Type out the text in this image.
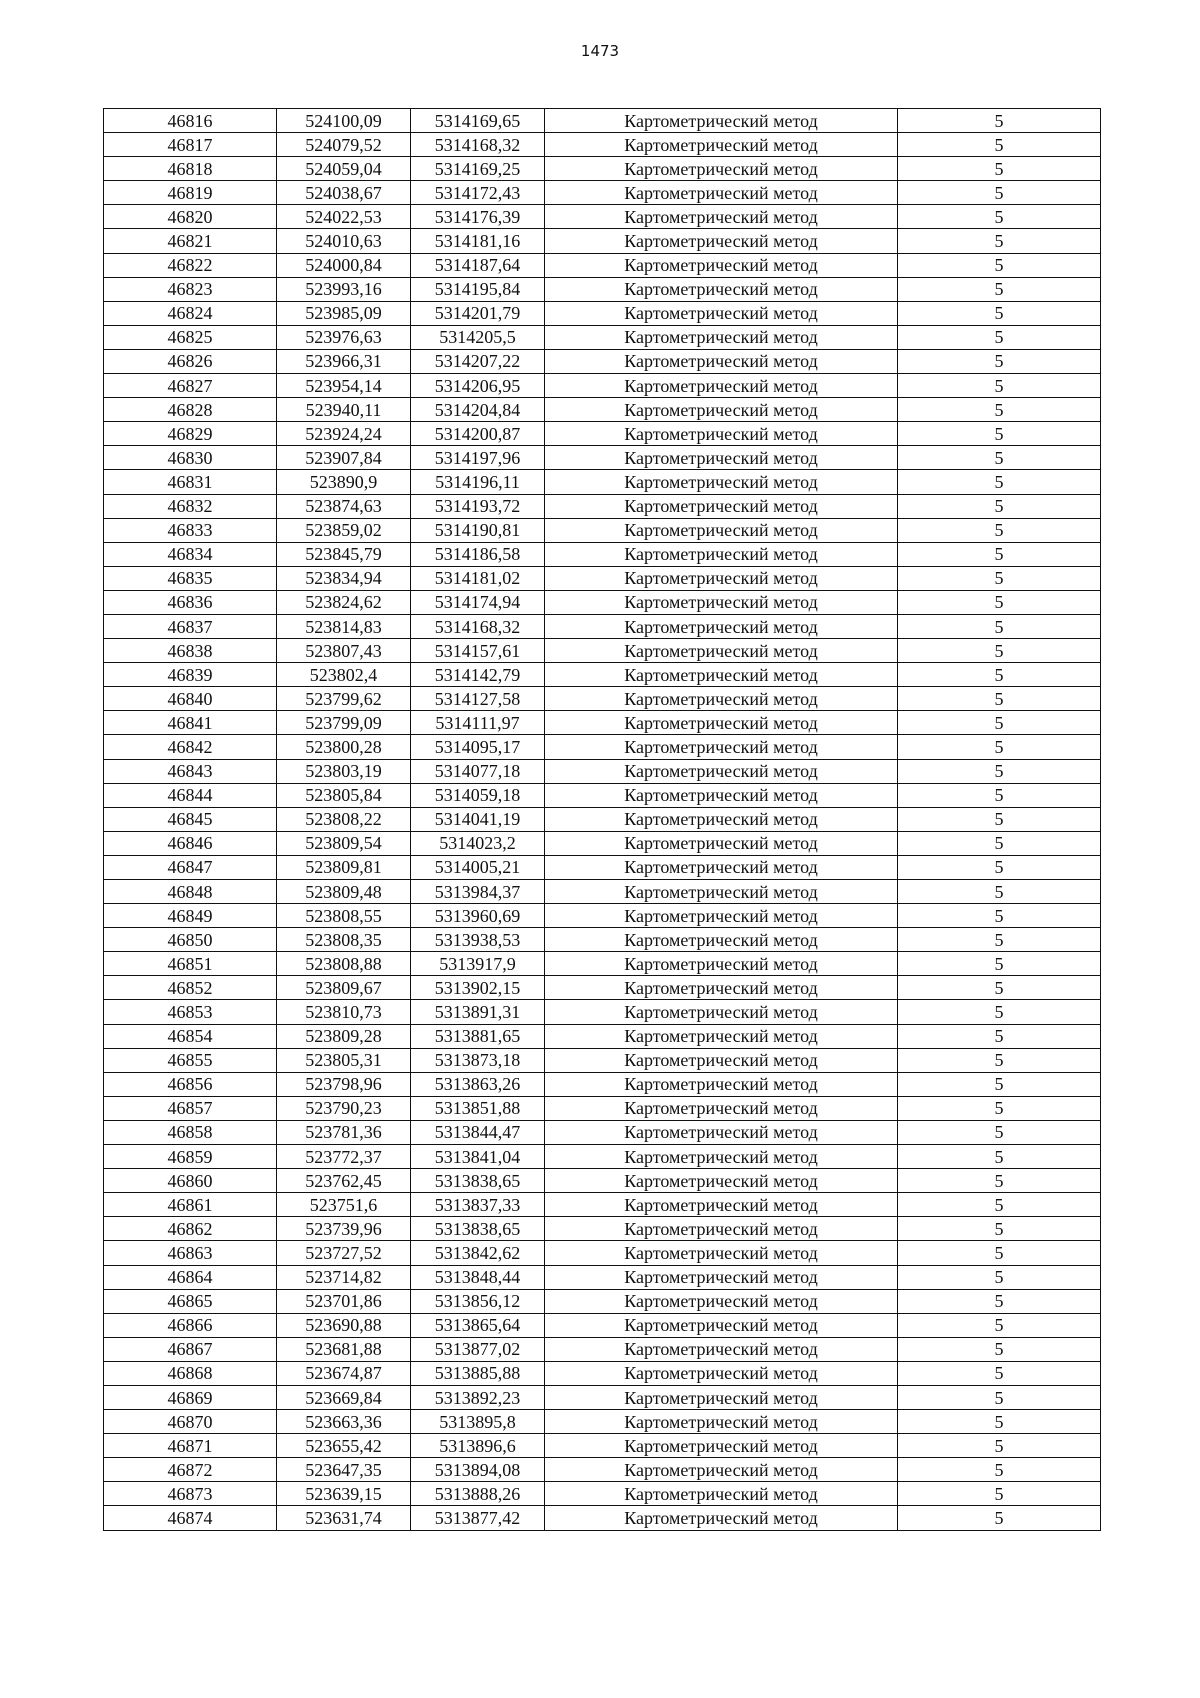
1473
46816	524100,09	5314169,65	Картометрический метод	5
46817	524079,52	5314168,32	Картометрический метод	5
46818	524059,04	5314169,25	Картометрический метод	5
46819	524038,67	5314172,43	Картометрический метод	5
46820	524022,53	5314176,39	Картометрический метод	5
46821	524010,63	5314181,16	Картометрический метод	5
46822	524000,84	5314187,64	Картометрический метод	5
46823	523993,16	5314195,84	Картометрический метод	5
46824	523985,09	5314201,79	Картометрический метод	5
46825	523976,63	5314205,5	Картометрический метод	5
46826	523966,31	5314207,22	Картометрический метод	5
46827	523954,14	5314206,95	Картометрический метод	5
46828	523940,11	5314204,84	Картометрический метод	5
46829	523924,24	5314200,87	Картометрический метод	5
46830	523907,84	5314197,96	Картометрический метод	5
46831	523890,9	5314196,11	Картометрический метод	5
46832	523874,63	5314193,72	Картометрический метод	5
46833	523859,02	5314190,81	Картометрический метод	5
46834	523845,79	5314186,58	Картометрический метод	5
46835	523834,94	5314181,02	Картометрический метод	5
46836	523824,62	5314174,94	Картометрический метод	5
46837	523814,83	5314168,32	Картометрический метод	5
46838	523807,43	5314157,61	Картометрический метод	5
46839	523802,4	5314142,79	Картометрический метод	5
46840	523799,62	5314127,58	Картометрический метод	5
46841	523799,09	5314111,97	Картометрический метод	5
46842	523800,28	5314095,17	Картометрический метод	5
46843	523803,19	5314077,18	Картометрический метод	5
46844	523805,84	5314059,18	Картометрический метод	5
46845	523808,22	5314041,19	Картометрический метод	5
46846	523809,54	5314023,2	Картометрический метод	5
46847	523809,81	5314005,21	Картометрический метод	5
46848	523809,48	5313984,37	Картометрический метод	5
46849	523808,55	5313960,69	Картометрический метод	5
46850	523808,35	5313938,53	Картометрический метод	5
46851	523808,88	5313917,9	Картометрический метод	5
46852	523809,67	5313902,15	Картометрический метод	5
46853	523810,73	5313891,31	Картометрический метод	5
46854	523809,28	5313881,65	Картометрический метод	5
46855	523805,31	5313873,18	Картометрический метод	5
46856	523798,96	5313863,26	Картометрический метод	5
46857	523790,23	5313851,88	Картометрический метод	5
46858	523781,36	5313844,47	Картометрический метод	5
46859	523772,37	5313841,04	Картометрический метод	5
46860	523762,45	5313838,65	Картометрический метод	5
46861	523751,6	5313837,33	Картометрический метод	5
46862	523739,96	5313838,65	Картометрический метод	5
46863	523727,52	5313842,62	Картометрический метод	5
46864	523714,82	5313848,44	Картометрический метод	5
46865	523701,86	5313856,12	Картометрический метод	5
46866	523690,88	5313865,64	Картометрический метод	5
46867	523681,88	5313877,02	Картометрический метод	5
46868	523674,87	5313885,88	Картометрический метод	5
46869	523669,84	5313892,23	Картометрический метод	5
46870	523663,36	5313895,8	Картометрический метод	5
46871	523655,42	5313896,6	Картометрический метод	5
46872	523647,35	5313894,08	Картометрический метод	5
46873	523639,15	5313888,26	Картометрический метод	5
46874	523631,74	5313877,42	Картометрический метод	5
